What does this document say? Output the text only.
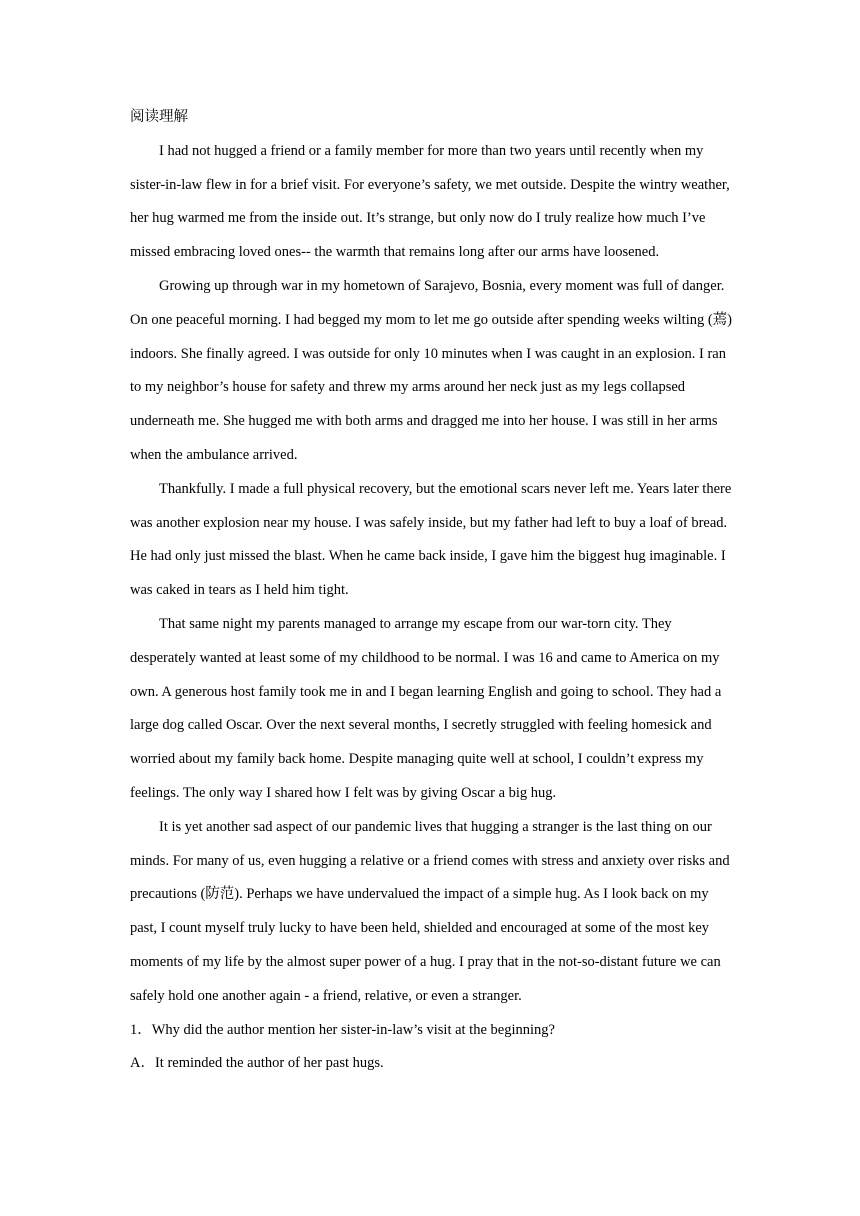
阅读理解

I had not hugged a friend or a family member for more than two years until recently when my sister-in-law flew in for a brief visit. For everyone’s safety, we met outside. Despite the wintry weather, her hug warmed me from the inside out. It’s strange, but only now do I truly realize how much I’ve missed embracing loved ones-- the warmth that remains long after our arms have loosened.

Growing up through war in my hometown of Sarajevo, Bosnia, every moment was full of danger. On one peaceful morning. I had begged my mom to let me go outside after spending weeks wilting (蔫) indoors. She finally agreed. I was outside for only 10 minutes when I was caught in an explosion. I ran to my neighbor’s house for safety and threw my arms around her neck just as my legs collapsed underneath me. She hugged me with both arms and dragged me into her house. I was still in her arms when the ambulance arrived.

Thankfully. I made a full physical recovery, but the emotional scars never left me. Years later there was another explosion near my house. I was safely inside, but my father had left to buy a loaf of bread. He had only just missed the blast. When he came back inside, I gave him the biggest hug imaginable. I was caked in tears as I held him tight.

That same night my parents managed to arrange my escape from our war-torn city. They desperately wanted at least some of my childhood to be normal. I was 16 and came to America on my own. A generous host family took me in and I began learning English and going to school. They had a large dog called Oscar. Over the next several months, I secretly struggled with feeling homesick and worried about my family back home. Despite managing quite well at school, I couldn’t express my feelings. The only way I shared how I felt was by giving Oscar a big hug.

It is yet another sad aspect of our pandemic lives that hugging a stranger is the last thing on our minds. For many of us, even hugging a relative or a friend comes with stress and anxiety over risks and precautions (防范). Perhaps we have undervalued the impact of a simple hug. As I look back on my past, I count myself truly lucky to have been held, shielded and encouraged at some of the most key moments of my life by the almost super power of a hug. I pray that in the not-so-distant future we can safely hold one another again - a friend, relative, or even a stranger.

1．Why did the author mention her sister-in-law’s visit at the beginning?

A．It reminded the author of her past hugs.
